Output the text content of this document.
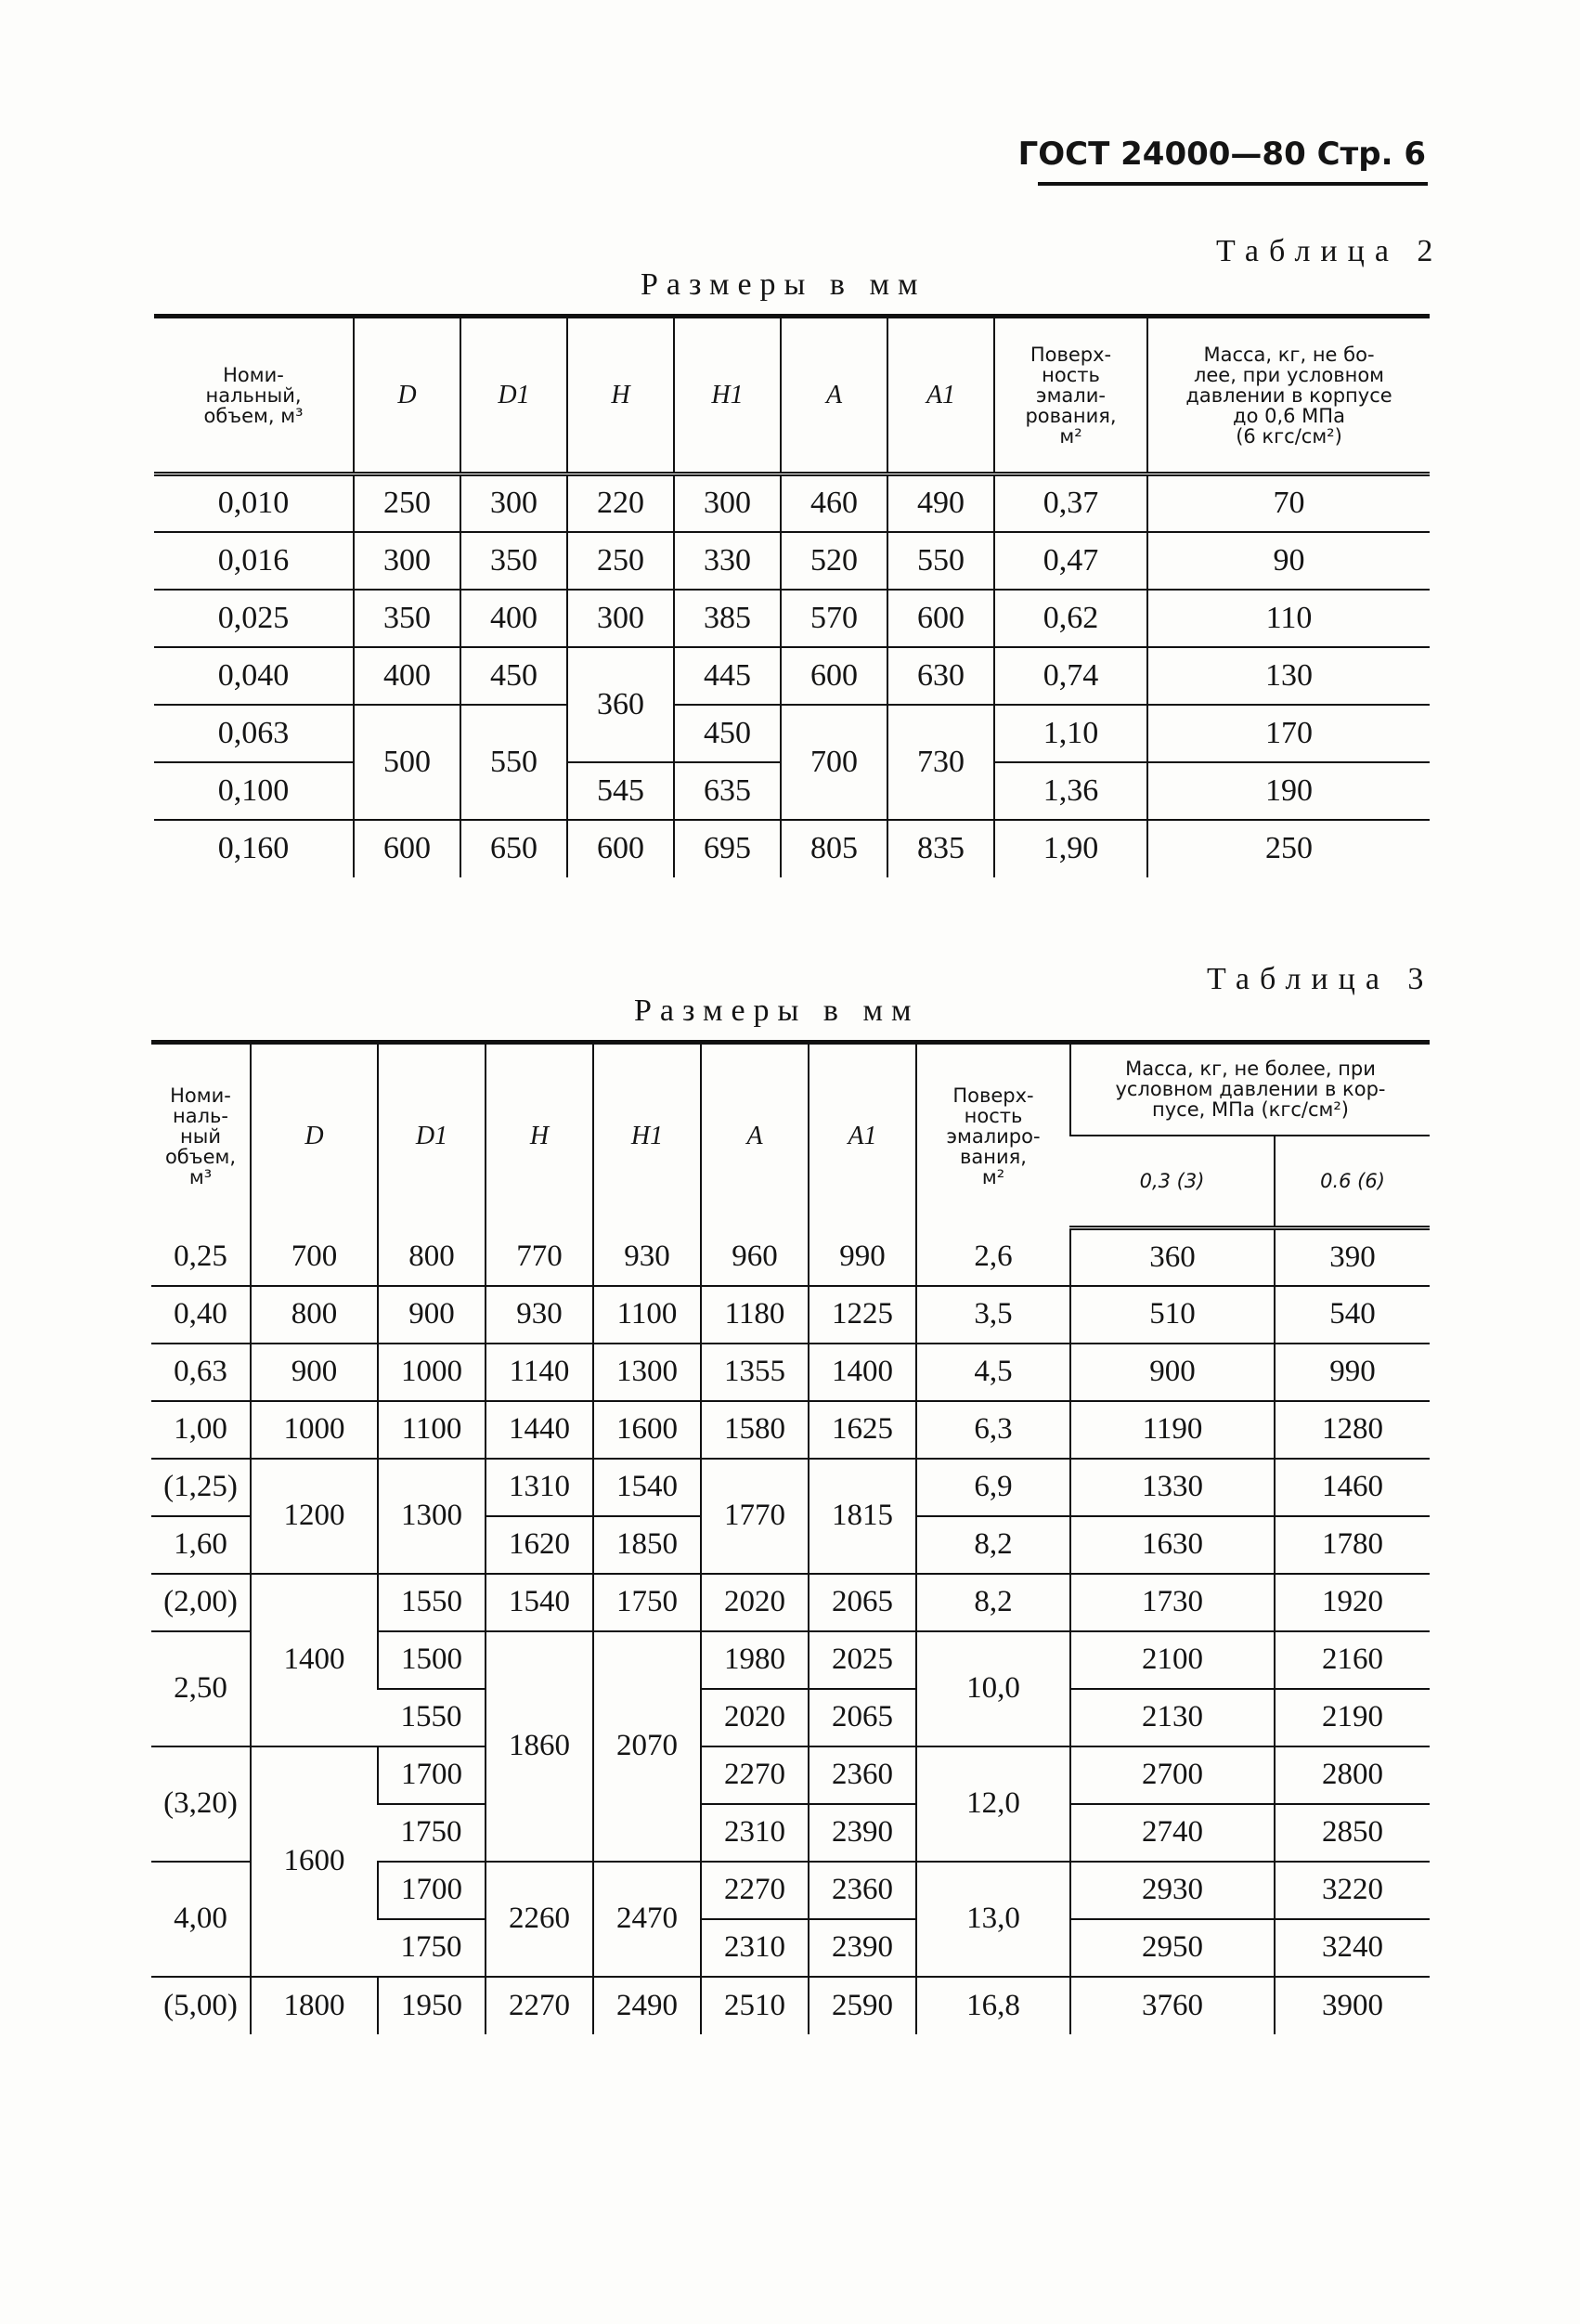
ГОСТ 24000—80 Стр. 6
Таблица 2
Размеры в мм
Номи-
нальный,
объем, м³	D	D1	H	H1	A	A1	Поверх-
ность
эмали-
рования,
м²	Масса, кг, не бо-
лее, при условном
давлении в корпусе
до 0,6 МПа
(6 кгс/см²)
0,010	250	300	220	300	460	490	0,37	70
0,016	300	350	250	330	520	550	0,47	90
0,025	350	400	300	385	570	600	0,62	110
0,040	400	450	360	445	600	630	0,74	130
0,063	500	550		450	700	730	1,10	170
0,100			545	635			1,36	190
0,160	600	650	600	695	805	835	1,90	250
Таблица 3
Размеры в мм
Номи-
наль-
ный
объем,
м³	D	D1	H	H1	A	A1	Поверх-
ность
эмалиро-
вания,
м²	Масса, кг, не более, при
условном давлении в кор-
пусе, МПа (кгс/см²)	
								0,3 (3)	0.6 (6)
0,25	700	800	770	930	960	990	2,6	360	390
0,40	800	900	930	1100	1180	1225	3,5	510	540
0,63	900	1000	1140	1300	1355	1400	4,5	900	990
1,00	1000	1100	1440	1600	1580	1625	6,3	1190	1280
(1,25)	1200	1300	1310	1540	1770	1815	6,9	1330	1460
1,60			1620	1850			8,2	1630	1780
(2,00)	1400	1550	1540	1750	2020	2065	8,2	1730	1920
2,50		1500	1860	2070	1980	2025	10,0	2100	2160
		1550			2020	2065		2130	2190
(3,20)	1600	1700			2270	2360	12,0	2700	2800
		1750			2310	2390		2740	2850
4,00		1700	2260	2470	2270	2360	13,0	2930	3220
		1750			2310	2390		2950	3240
(5,00)	1800	1950	2270	2490	2510	2590	16,8	3760	3900
